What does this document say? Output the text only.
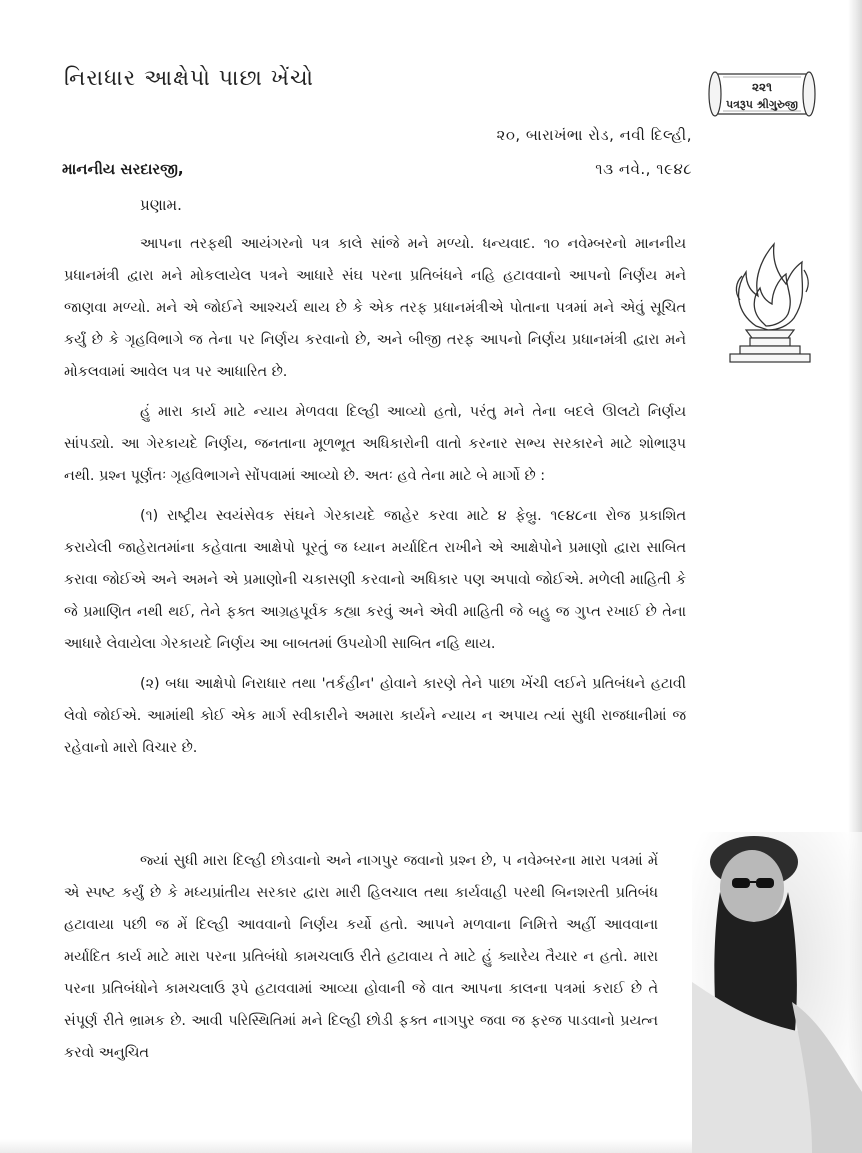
નિરાધાર આક્ષેપો પાછા ખેંચો	૨૨૧
પત્રરૂપ શ્રીગુરુજી
૨૦, બારાખંભા રોડ, નવી દિલ્હી,
માનનીય સરદારજી,	૧૩ નવે., ૧૯૪૮
પ્રણામ.

આપના તરફથી આયંગરનો પત્ર કાલે સાંજે મને મળ્યો. ધન્યવાદ. ૧૦ નવેમ્બરનો માનનીય પ્રધાનમંત્રી દ્વારા મને મોકલાયેલ પત્રને આધારે સંઘ પરના પ્રતિબંધને નહિ હટાવવાનો આપનો નિર્ણય મને જાણવા મળ્યો. મને એ જોઈને આશ્ચર્ય થાય છે કે એક તરફ પ્રધાનમંત્રીએ પોતાના પત્રમાં મને એવું સૂચિત કર્યું છે કે ગૃહવિભાગે જ તેના પર નિર્ણય કરવાનો છે, અને બીજી તરફ આપનો નિર્ણય પ્રધાનમંત્રી દ્વારા મને મોકલવામાં આવેલ પત્ર પર આધારિત છે.

હું મારા કાર્ય માટે ન્યાય મેળવવા દિલ્હી આવ્યો હતો, પરંતુ મને તેના બદલે ઊલટો નિર્ણય સાંપડ્યો. આ ગેરકાયદે નિર્ણય, જનતાના મૂળભૂત અધિકારોની વાતો કરનાર સભ્ય સરકારને માટે શોભારૂપ નથી. પ્રશ્ન પૂર્ણતઃ ગૃહવિભાગને સોંપવામાં આવ્યો છે. અતઃ હવે તેના માટે બે માર્ગો છે :

(૧) રાષ્ટ્રીય સ્વયંસેવક સંઘને ગેરકાયદે જાહેર કરવા માટે ૪ ફેબ્રુ. ૧૯૪૮ના રોજ પ્રકાશિત કરાયેલી જાહેરાતમાંના કહેવાતા આક્ષેપો પૂરતું જ ધ્યાન મર્યાદિત રાખીને એ આક્ષેપોને પ્રમાણો દ્વારા સાબિત કરાવા જોઈએ અને અમને એ પ્રમાણોની ચકાસણી કરવાનો અધિકાર પણ અપાવો જોઈએ. મળેલી માહિતી કે જે પ્રમાણિત નથી થઈ, તેને ફક્ત આગ્રહપૂર્વક કહ્યા કરવું અને એવી માહિતી જે બહુ જ ગુપ્ત રખાઈ છે તેના આધારે લેવાયેલા ગેરકાયદે નિર્ણય આ બાબતમાં ઉપયોગી સાબિત નહિ થાય.

(૨) બધા આક્ષેપો નિરાધાર તથા 'તર્કહીન' હોવાને કારણે તેને પાછા ખેંચી લઈને પ્રતિબંધને હટાવી લેવો જોઈએ. આમાંથી કોઈ એક માર્ગ સ્વીકારીને અમારા કાર્યને ન્યાય ન અપાય ત્યાં સુધી રાજધાનીમાં જ રહેવાનો મારો વિચાર છે.

જ્યાં સુધી મારા દિલ્હી છોડવાનો અને નાગપુર જવાનો પ્રશ્ન છે, ૫ નવેમ્બરના મારા પત્રમાં મેં એ સ્પષ્ટ કર્યું છે કે મધ્યપ્રાંતીય સરકાર દ્વારા મારી હિલચાલ તથા કાર્યવાહી પરથી બિનશરતી પ્રતિબંધ હટાવાયા પછી જ મેં દિલ્હી આવવાનો નિર્ણય કર્યો હતો. આપને મળવાના નિમિત્તે અહીં આવવાના મર્યાદિત કાર્ય માટે મારા પરના પ્રતિબંધો કામચલાઉ રીતે હટાવાય તે માટે હું ક્યારેય તૈયાર ન હતો. મારા પરના પ્રતિબંધોને કામચલાઉ રૂપે હટાવવામાં આવ્યા હોવાની જે વાત આપના કાલના પત્રમાં કરાઈ છે તે સંપૂર્ણ રીતે ભ્રામક છે. આવી પરિસ્થિતિમાં મને દિલ્હી છોડી ફક્ત નાગપુર જવા જ ફરજ પાડવાનો પ્રયત્ન કરવો અનુચિત
